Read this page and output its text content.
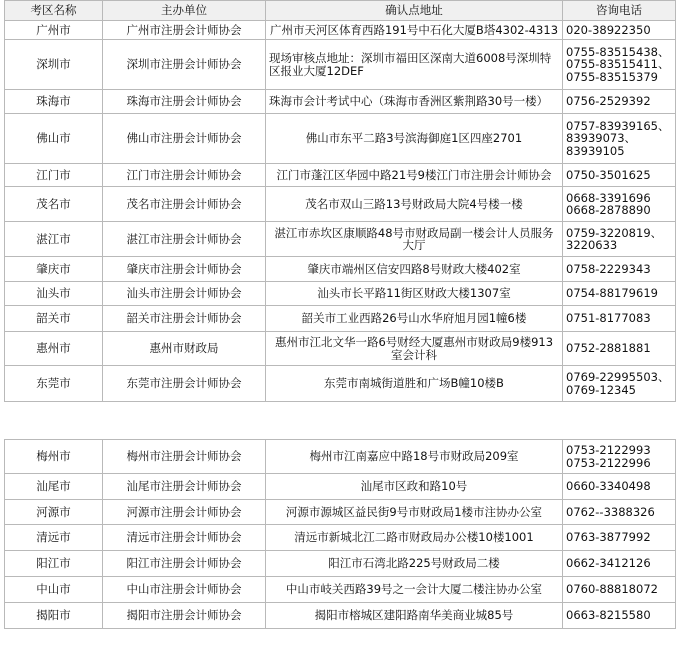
考区名称	主办单位	确认点地址	咨询电话
广州市	广州市注册会计师协会	广州市天河区体育西路191号中石化大厦B塔4302-4313	020-38922350

深圳市	深圳市注册会计师协会	现场审核点地址：深圳市福田区深南大道6008号深圳特
区报业大厦12DEF	0755-83515438、
0755-83515411、
0755-83515379

珠海市	珠海市注册会计师协会	珠海市会计考试中心（珠海市香洲区紫荆路30号一楼）	0756-2529392

佛山市	佛山市注册会计师协会	佛山市东平二路3号滨海御庭1区四座2701	0757-83939165、
83939073、
83939105

江门市	江门市注册会计师协会	江门市蓬江区华园中路21号9楼江门市注册会计师协会	0750-3501625

茂名市	茂名市注册会计师协会	茂名市双山三路13号财政局大院4号楼一楼	0668-3391696
0668-2878890

湛江市	湛江市注册会计师协会	湛江市赤坎区康顺路48号市财政局副一楼会计人员服务
大厅	0759-3220819、
3220633

肇庆市	肇庆市注册会计师协会	肇庆市端州区信安四路8号财政大楼402室	0758-2229343

汕头市	汕头市注册会计师协会	汕头市长平路11街区财政大楼1307室	0754-88179619

韶关市	韶关市注册会计师协会	韶关市工业西路26号山水华府旭月园1幢6楼	0751-8177083

惠州市	惠州市财政局	惠州市江北文华一路6号财经大厦惠州市财政局9楼913
室会计科	0752-2881881

东莞市	东莞市注册会计师协会	东莞市南城街道胜和广场B幢10楼B	0769-22995503、
0769-12345
梅州市	梅州市注册会计师协会	梅州市江南嘉应中路18号市财政局209室	0753-2122993
0753-2122996

汕尾市	汕尾市注册会计师协会	汕尾市区政和路10号	0660-3340498

河源市	河源市注册会计师协会	河源市源城区益民街9号市财政局1楼市注协办公室	0762--3388326

清远市	清远市注册会计师协会	清远市新城北江二路市财政局办公楼10楼1001	0763-3877992

阳江市	阳江市注册会计师协会	阳江市石湾北路225号财政局二楼	0662-3412126

中山市	中山市注册会计师协会	中山市岐关西路39号之一会计大厦二楼注协办公室	0760-88818072

揭阳市	揭阳市注册会计师协会	揭阳市榕城区建阳路南华美商业城85号	0663-8215580
